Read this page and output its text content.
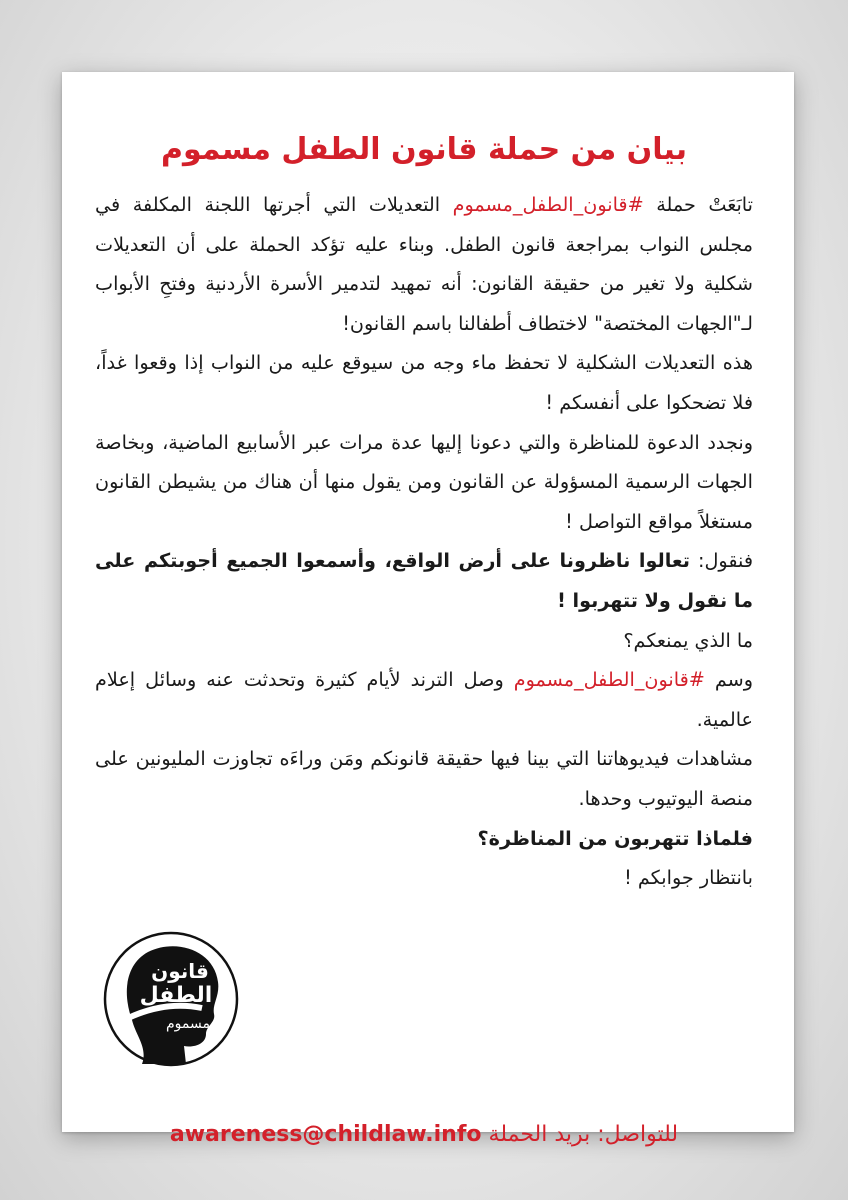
بيان من حملة قانون الطفل مسموم

تابَعَتْ حملة #قانون_الطفل_مسموم التعديلات التي أجرتها اللجنة المكلفة في مجلس النواب بمراجعة قانون الطفل. وبناء عليه تؤكد الحملة على أن التعديلات شكلية ولا تغير من حقيقة القانون: أنه تمهيد لتدمير الأسرة الأردنية وفتحِ الأبواب لـ"الجهات المختصة" لاختطاف أطفالنا باسم القانون!

هذه التعديلات الشكلية لا تحفظ ماء وجه من سيوقع عليه من النواب إذا وقعوا غداً، فلا تضحكوا على أنفسكم !

ونجدد الدعوة للمناظرة والتي دعونا إليها عدة مرات عبر الأسابيع الماضية، وبخاصة الجهات الرسمية المسؤولة عن القانون ومن يقول منها أن هناك من يشيطن القانون مستغلاً مواقع التواصل !

فنقول: تعالوا ناظرونا على أرض الواقع، وأسمعوا الجميع أجوبتكم على ما نقول ولا تتهربوا !

ما الذي يمنعكم؟

وسم #قانون_الطفل_مسموم وصل الترند لأيام كثيرة وتحدثت عنه وسائل إعلام عالمية.

مشاهدات فيديوهاتنا التي بينا فيها حقيقة قانونكم ومَن وراءَه تجاوزت المليونين على منصة اليوتيوب وحدها.

فلماذا تتهربون من المناظرة؟

بانتظار جوابكم !

قانون
الطفل
مسموم
للتواصل: بريد الحملة awareness@childlaw.info
